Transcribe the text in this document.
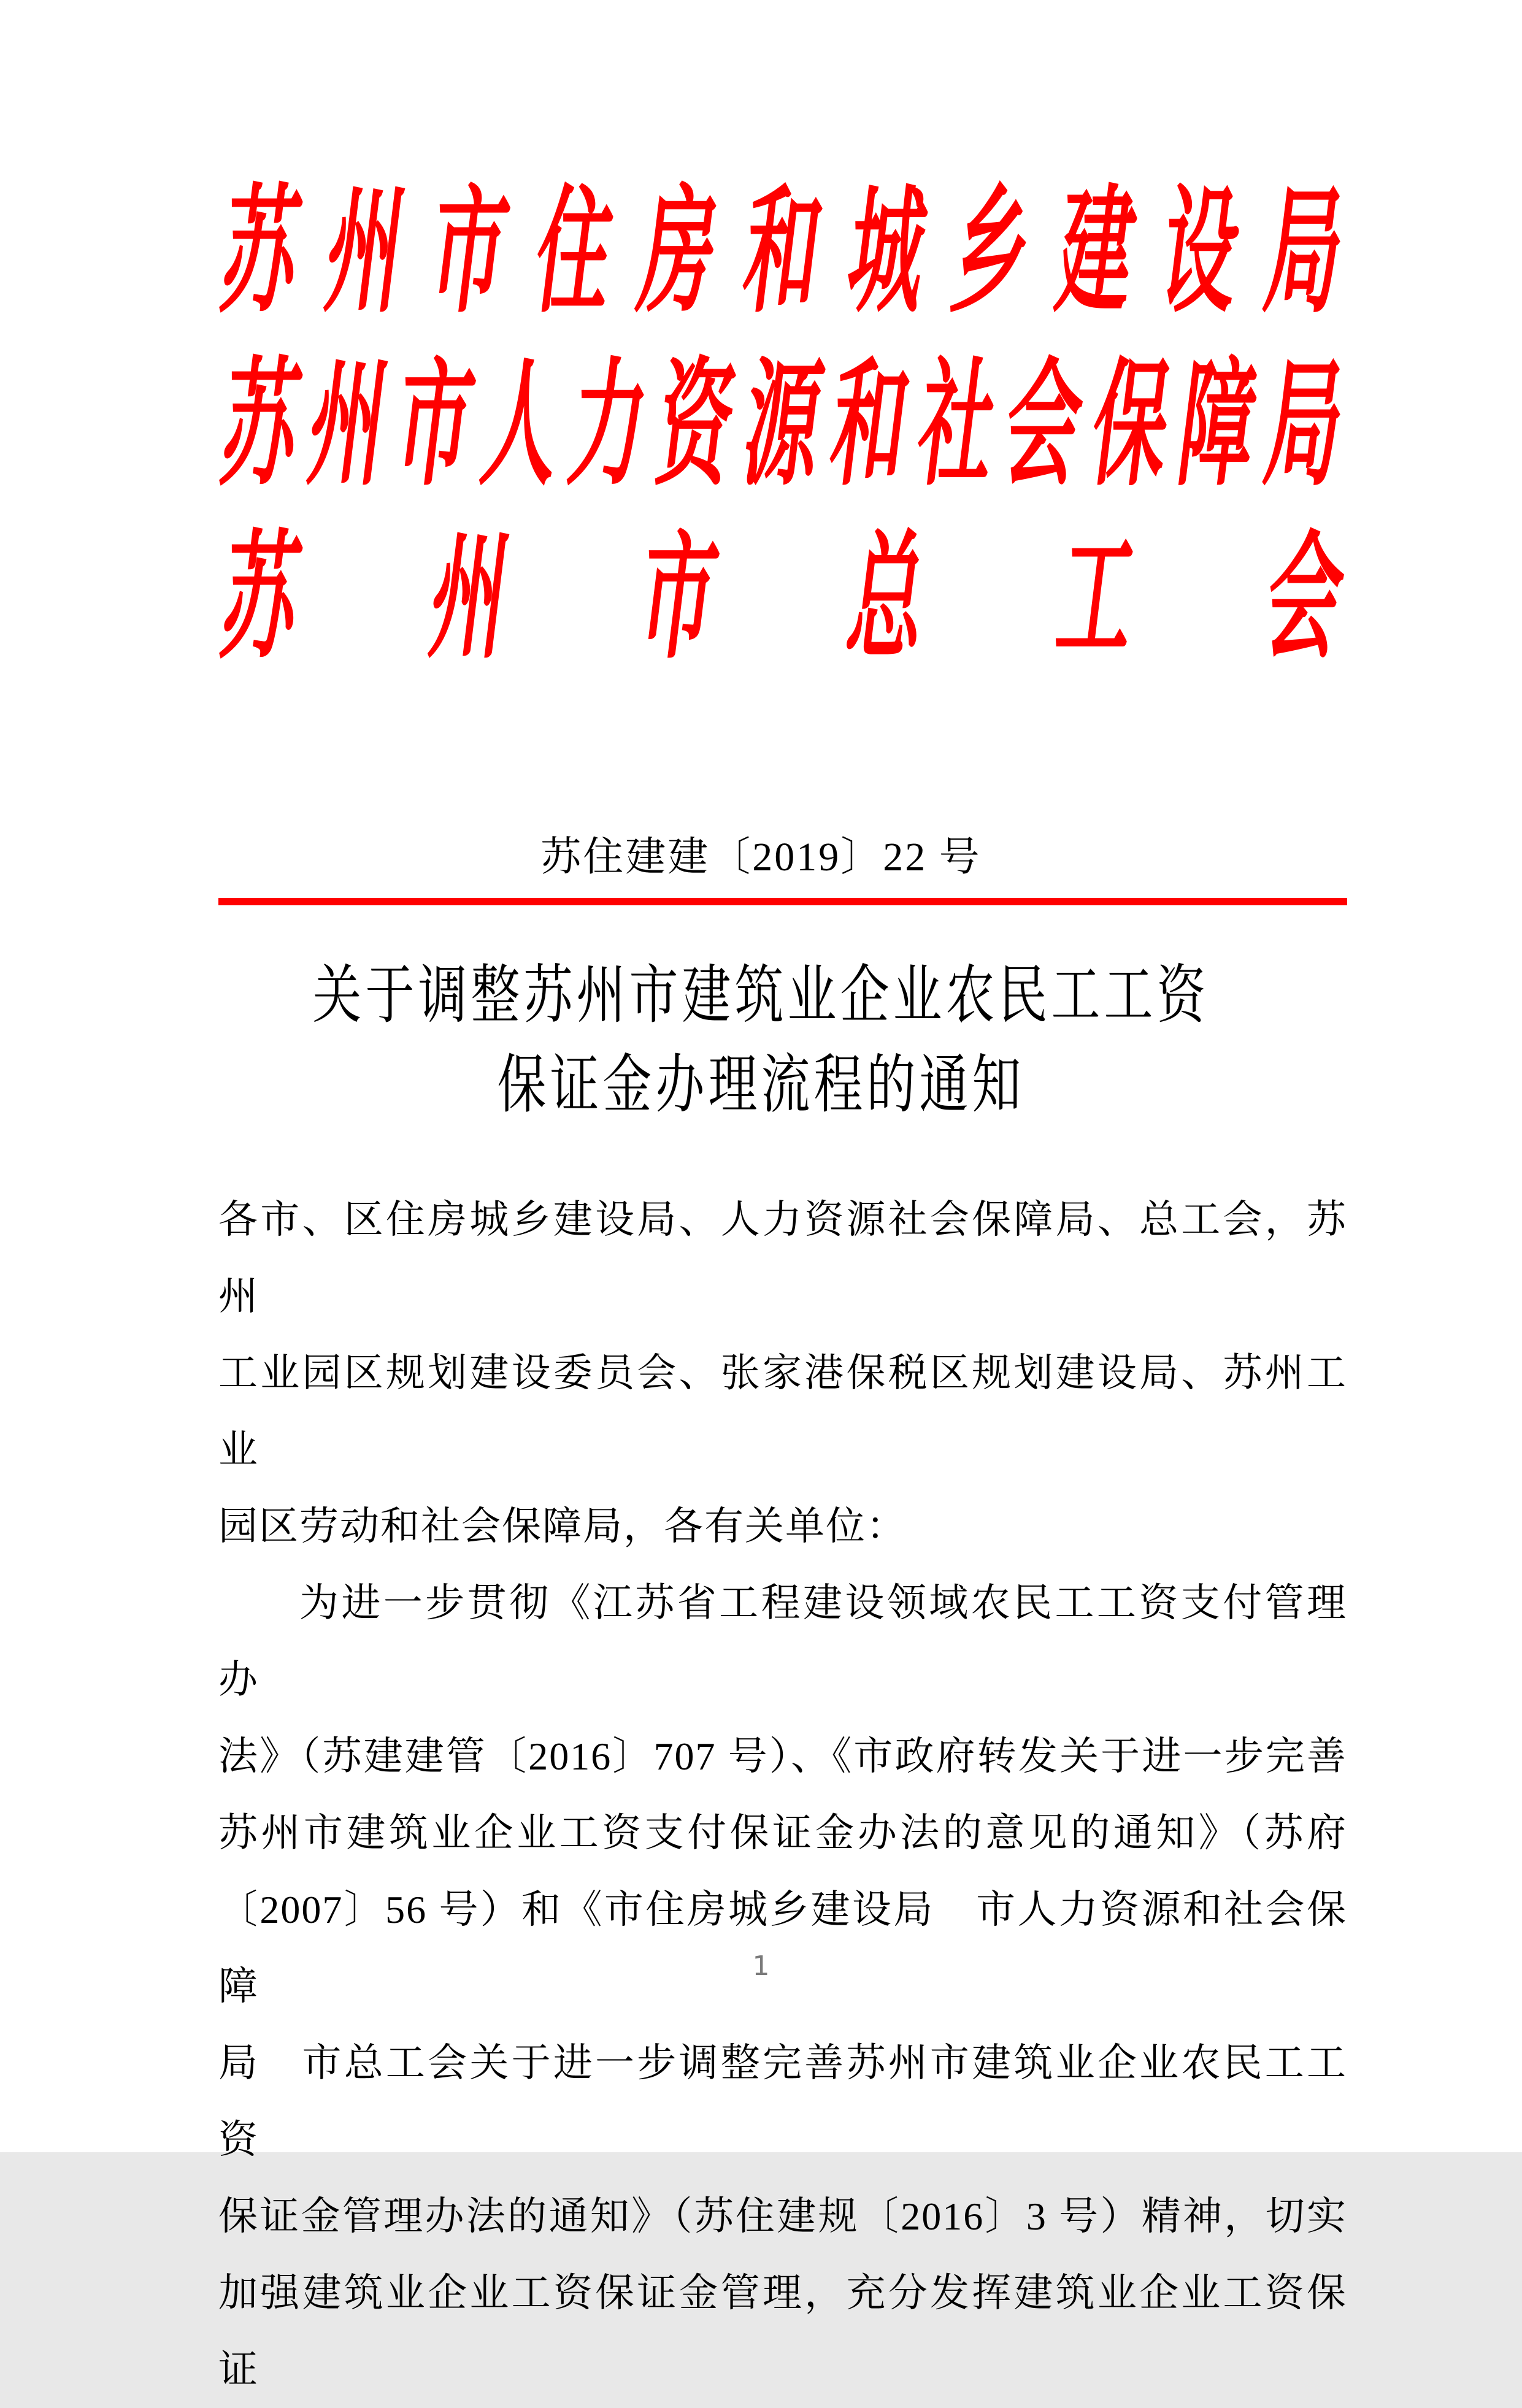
苏 州 市 住 房 和 城 乡 建 设 局
苏
州
市
人
力
资
源
和
社
会
保
障
局
苏 州 市 总 工 会
苏住建建〔2019〕22 号
关于调整苏州市建筑业企业农民工工资
保证金办理流程的通知
各市、区住房城乡建设局、人力资源社会保障局、总工会，苏州
工业园区规划建设委员会、张家港保税区规划建设局、苏州工业
园区劳动和社会保障局，各有关单位：
为进一步贯彻《江苏省工程建设领域农民工工资支付管理办
法》（苏建建管〔2016〕707 号）、《市政府转发关于进一步完善
苏州市建筑业企业工资支付保证金办法的意见的通知》（苏府
〔2007〕56 号）和《市住房城乡建设局　市人力资源和社会保障
局　市总工会关于进一步调整完善苏州市建筑业企业农民工工资
保证金管理办法的通知》（苏住建规〔2016〕3 号）精神，切实
加强建筑业企业工资保证金管理，充分发挥建筑业企业工资保证
1
